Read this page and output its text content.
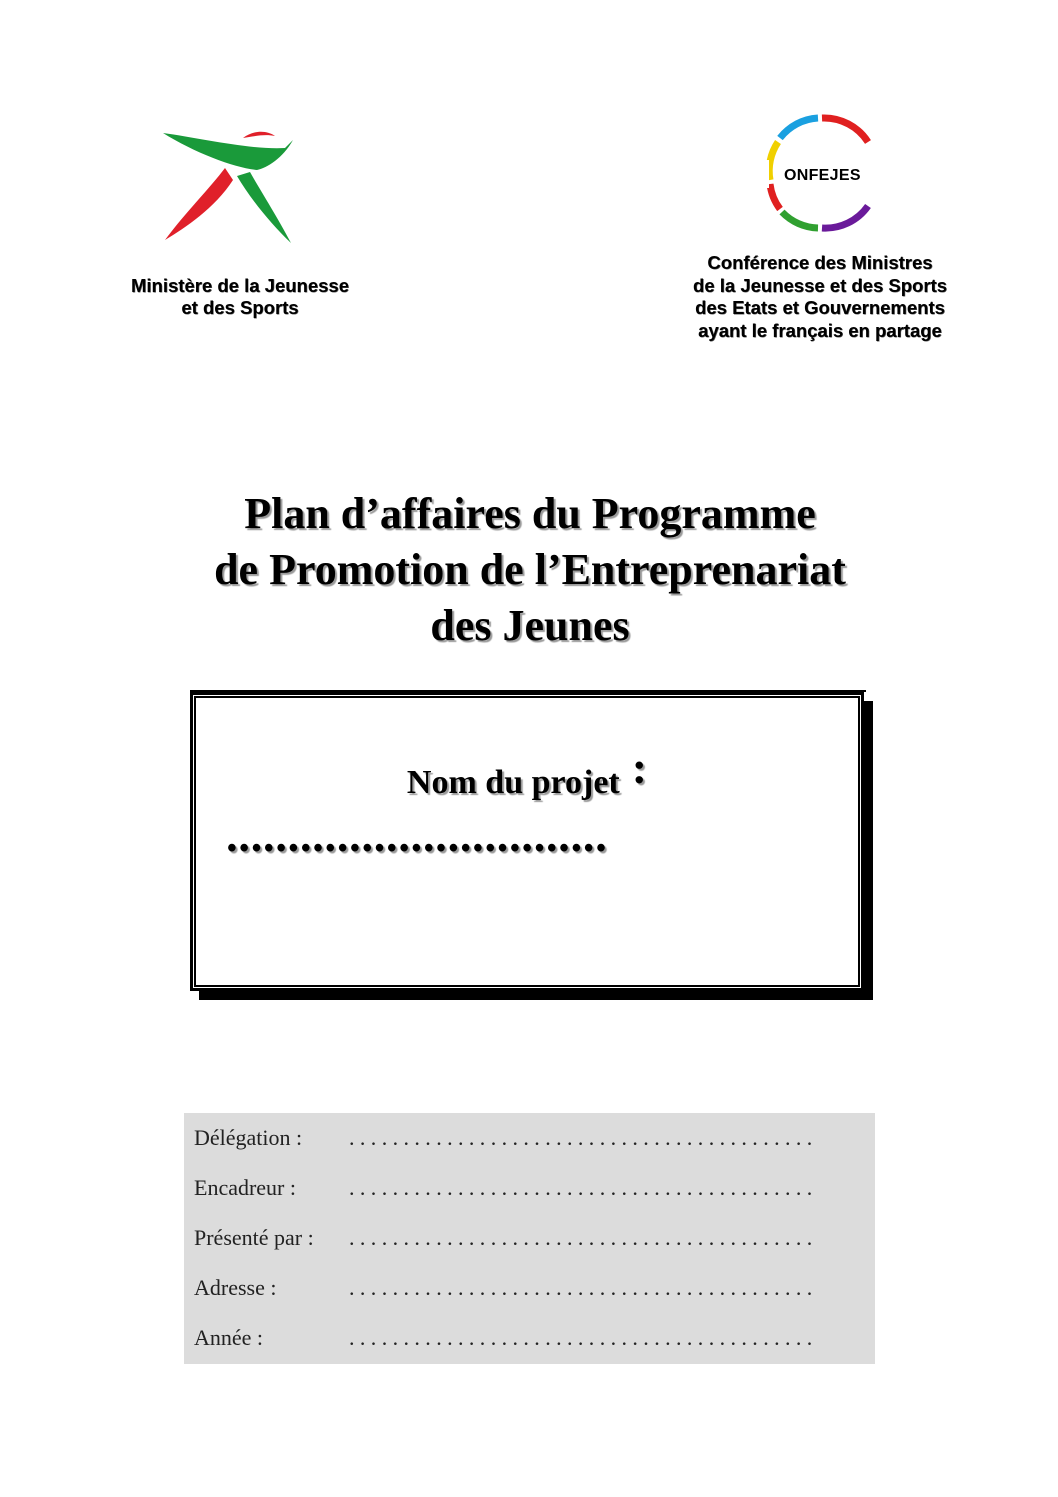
Ministère de la Jeunesse
et des Sports
ONFEJES
Conférence des Ministres
de la Jeunesse et des Sports
des Etats et Gouvernements
ayant le français en partage
Plan d’affaires du Programme
de Promotion de l’Entreprenariat
des Jeunes
Nom du projet :
•••••••••••••••••••••••••••••••
Délégation : ...........................................
Encadreur : ...........................................
Présenté par : ...........................................
Adresse :	...........................................
Année :	...........................................
